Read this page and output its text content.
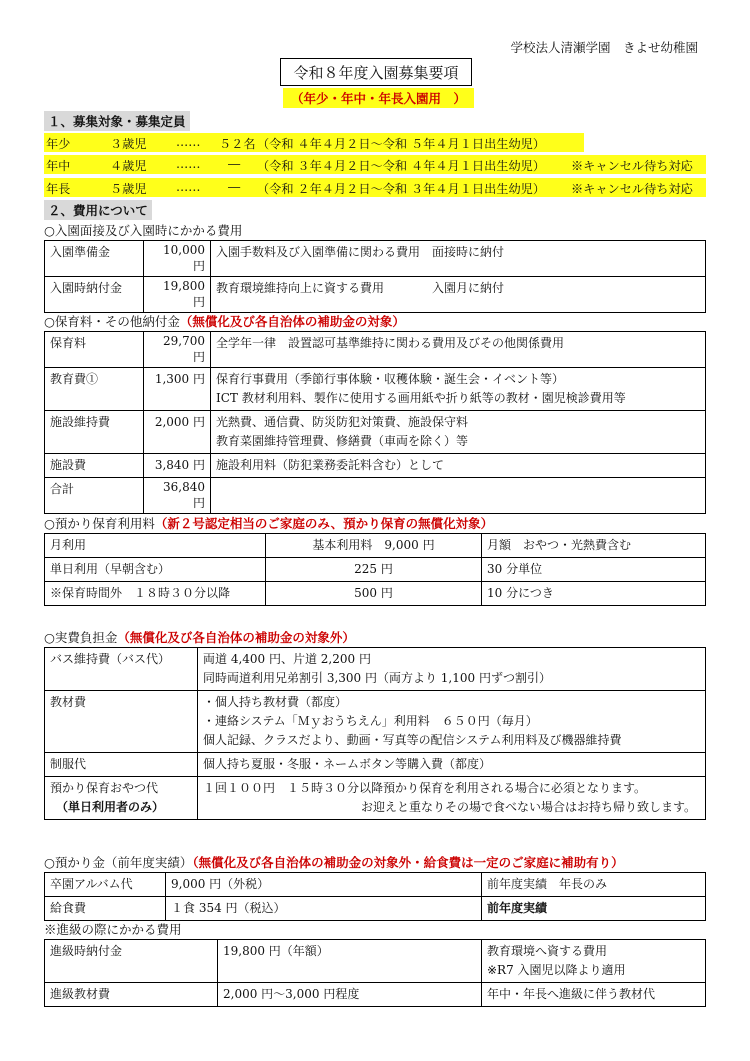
学校法人清瀬学園　きよせ幼稚園
令和８年度入園募集要項
（年少・年中・年長入園用　）
１、募集対象・募集定員
年少	３歳児 …… ５２名 （令和 ４年４月２日～令和 ５年４月１日出生幼児）
年中	４歳児 …… ― （令和 ３年４月２日～令和 ４年４月１日出生幼児） ※キャンセル待ち対応
年長	５歳児 …… ― （令和 ２年４月２日～令和 ３年４月１日出生幼児） ※キャンセル待ち対応
２、費用について
○入園面接及び入園時にかかる費用
入園準備金	10,000 円	入園手数料及び入園準備に関わる費用　面接時に納付
入園時納付金	19,800 円	教育環境維持向上に資する費用　　　　入園月に納付
○保育料・その他納付金（無償化及び各自治体の補助金の対象）
保育料	29,700 円	全学年一律　設置認可基準維持に関わる費用及びその他関係費用

教育費①	1,300 円	保育行事費用（季節行事体験・収穫体験・誕生会・イベント等）
ICT 教材利用料、製作に使用する画用紙や折り紙等の教材・園児検診費用等

施設維持費	2,000 円	光熱費、通信費、防災防犯対策費、施設保守料
教育菜園維持管理費、修繕費（車両を除く）等

施設費	3,840 円	施設利用料（防犯業務委託料含む）として

合計	36,840 円	
○預かり保育利用料（新２号認定相当のご家庭のみ、預かり保育の無償化対象）
月利用	基本利用料　9,000 円	月額　おやつ・光熱費含む
単日利用（早朝含む）	225 円	30 分単位
※保育時間外　１８時３０分以降	500 円	10 分につき
○実費負担金（無償化及び各自治体の補助金の対象外）
バス維持費（バス代）	両道 4,400 円、片道 2,200 円
同時両道利用兄弟割引 3,300 円（両方より 1,100 円ずつ割引）

教材費	・個人持ち教材費（都度）
・連絡システム「Ｍｙおうちえん」利用料　６５０円（毎月）
個人記録、クラスだより、動画・写真等の配信システム利用料及び機器維持費

制服代	個人持ち夏服・冬服・ネームボタン等購入費（都度）

預かり保育おやつ代
（単日利用者のみ）	１回１００円　１５時３０分以降預かり保育を利用される場合に必須となります。
お迎えと重なりその場で食べない場合はお持ち帰り致します。
○預かり金（前年度実績）（無償化及び各自治体の補助金の対象外・給食費は一定のご家庭に補助有り）
卒園アルバム代	9,000 円（外税）	前年度実績　年長のみ
給食費	１食 354 円（税込）	前年度実績
※進級の際にかかる費用
進級時納付金	19,800 円（年額）	教育環境へ資する費用
※R7 入園児以降より適用

進級教材費	2,000 円～3,000 円程度	年中・年長へ進級に伴う教材代
